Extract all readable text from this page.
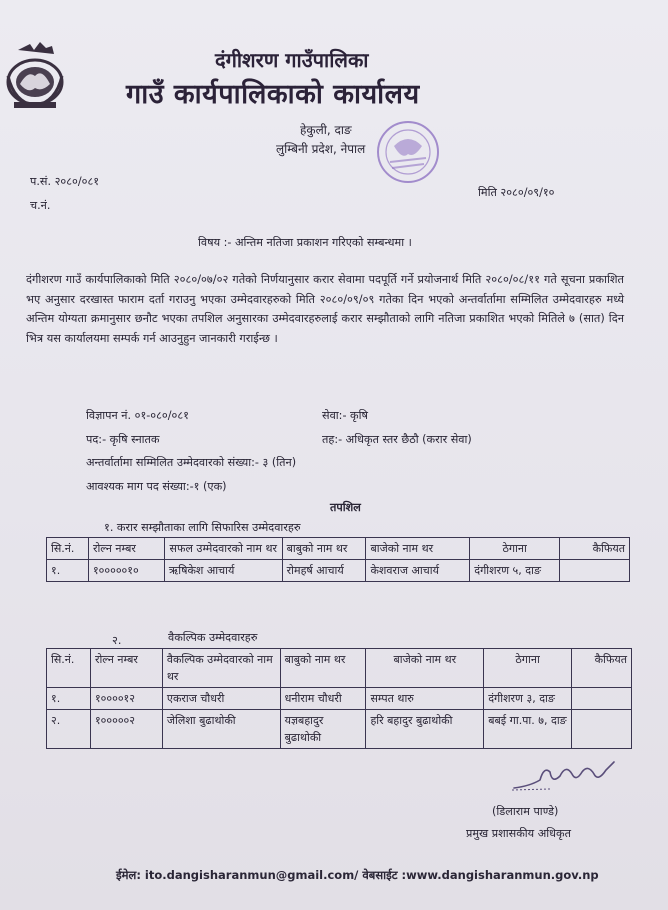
दंगीशरण गाउँपालिका
गाउँ कार्यपालिकाको कार्यालय
हेकुली, दाङ
लुम्बिनी प्रदेश, नेपाल
प.सं. २०८०/०८१
च.नं.
मिति २०८०/०९/१०
विषय :- अन्तिम नतिजा प्रकाशन गरिएको सम्बन्धमा ।
दंगीशरण गाउँ कार्यपालिकाको मिति २०८०/०७/०२ गतेको निर्णयानुसार करार सेवामा पदपूर्ति गर्ने प्रयोजनार्थ मिति २०८०/०८/११ गते सूचना प्रकाशित भए अनुसार दरखास्त फाराम दर्ता गराउनु भएका उम्मेदवारहरुको मिति २०८०/०९/०९ गतेका दिन भएको अन्तर्वार्तामा सम्मिलित उम्मेदवारहरु मध्ये अन्तिम योग्यता क्रमानुसार छनौट भएका तपशिल अनुसारका उम्मेदवारहरुलाई करार सम्झौताको लागि नतिजा प्रकाशित भएको मितिले ७ (सात) दिन भित्र यस कार्यालयमा सम्पर्क गर्न आउनुहुन जानकारी गराईन्छ ।
विज्ञापन नं. ०१-०८०/०८१	सेवा:- कृषि
पद:- कृषि स्नातक	तह:- अधिकृत स्तर छैठौ (करार सेवा)
अन्तर्वार्तामा सम्मिलित उम्मेदवारको संख्या:- ३ (तिन)
आवश्यक माग पद संख्या:-१ (एक)
तपशिल
१. करार सम्झौताका लागि सिफारिस उम्मेदवारहरु
सि.नं.	रोल्न नम्बर	सफल उम्मेदवारको नाम थर	बाबुको नाम थर	बाजेको नाम थर	ठेगाना	कैफियत
१.	१०००००१०	ऋषिकेश आचार्य	रोमहर्ष आचार्य	केशवराज आचार्य	दंगीशरण ५, दाङ	
२.	वैकल्पिक उम्मेदवारहरु
सि.नं.	रोल्न नम्बर	वैकल्पिक उम्मेदवारको नाम थर	बाबुको नाम थर	बाजेको नाम थर	ठेगाना	कैफियत
१.	१००००१२	एकराज चौधरी	धनीराम चौधरी	सम्पत थारु	दंगीशरण ३, दाङ	
२.	१०००००२	जेलिशा बुढाथोकी	यज्ञबहादुर बुढाथोकी	हरि बहादुर बुढाथोकी	बबई गा.पा. ७, दाङ	
(डिलाराम पाण्डे)
प्रमुख प्रशासकीय अधिकृत
ईमेल: ito.dangisharanmun@gmail.com/ वेबसाईट :www.dangisharanmun.gov.np
